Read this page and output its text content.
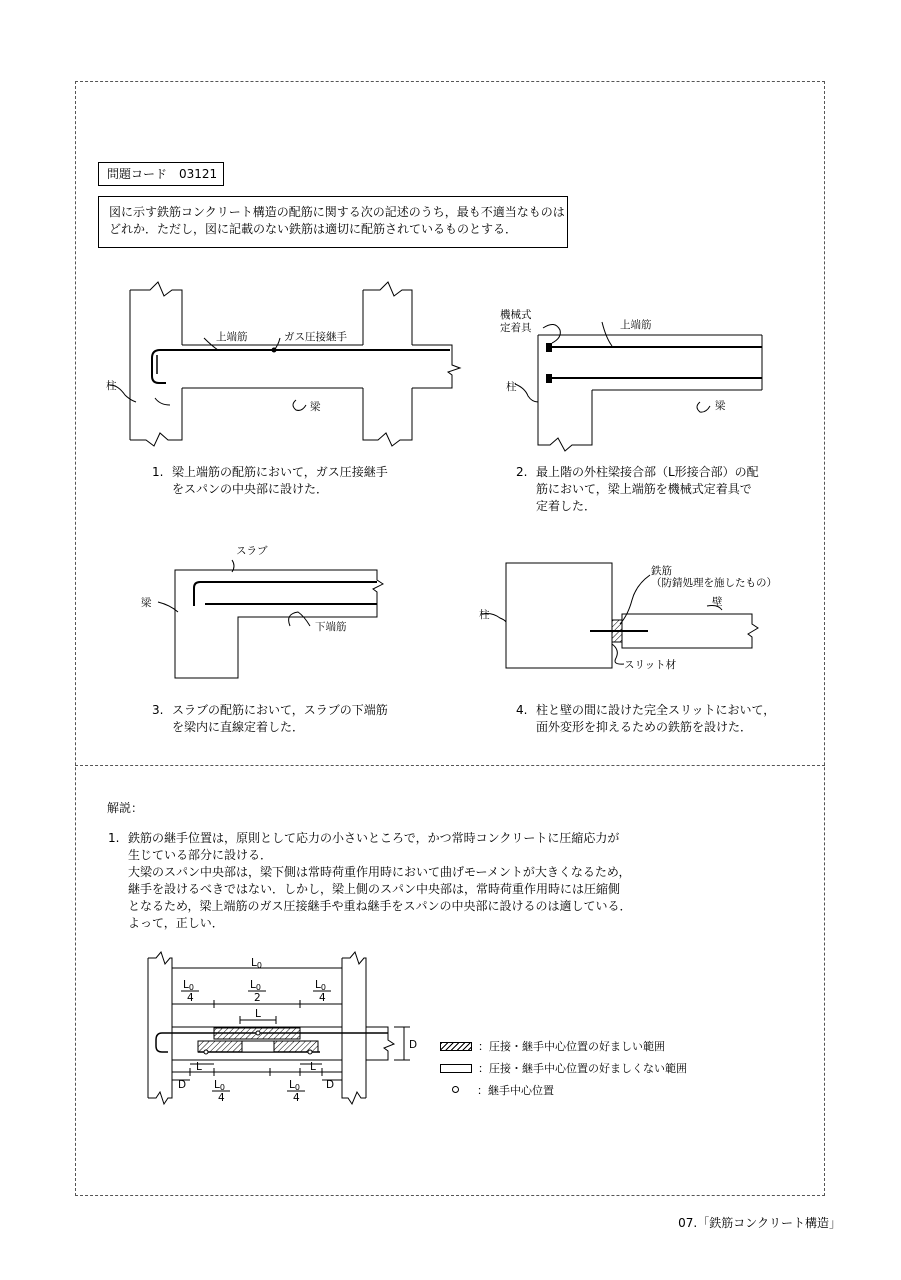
問題コード　03121

図に示す鉄筋コンクリート構造の配筋に関する次の記述のうち，最も不適当なものは

どれか．ただし，図に記載のない鉄筋は適切に配筋されているものとする．

柱
上端筋	ガス圧接継手
梁
機械式
定着具	上端筋
柱
梁
スラブ
梁
下端筋
鉄筋
（防錆処理を施したもの）
壁
柱
スリット材
L0
L0
4
L0
2
L0
4
L
D
L	L
D	D
L0
4
L0
4
1. 梁上端筋の配筋において，ガス圧接継手

をスパンの中央部に設けた．

2. 最上階の外柱梁接合部（L形接合部）の配

筋において，梁上端筋を機械式定着具で

定着した．

3. スラブの配筋において，スラブの下端筋

を梁内に直線定着した．

4. 柱と壁の間に設けた完全スリットにおいて，

面外変形を抑えるための鉄筋を設けた．

解説：
1. 鉄筋の継手位置は，原則として応力の小さいところで，かつ常時コンクリートに圧縮応力が

生じている部分に設ける．

大梁のスパン中央部は，梁下側は常時荷重作用時において曲げモーメントが大きくなるため，

継手を設けるべきではない．しかし，梁上側のスパン中央部は，常時荷重作用時には圧縮側

となるため，梁上端筋のガス圧接継手や重ね継手をスパンの中央部に設けるのは適している．

よって，正しい．

：圧接・継手中心位置の好ましい範囲
：圧接・継手中心位置の好ましくない範囲
：継手中心位置
07.「鉄筋コンクリート構造」
